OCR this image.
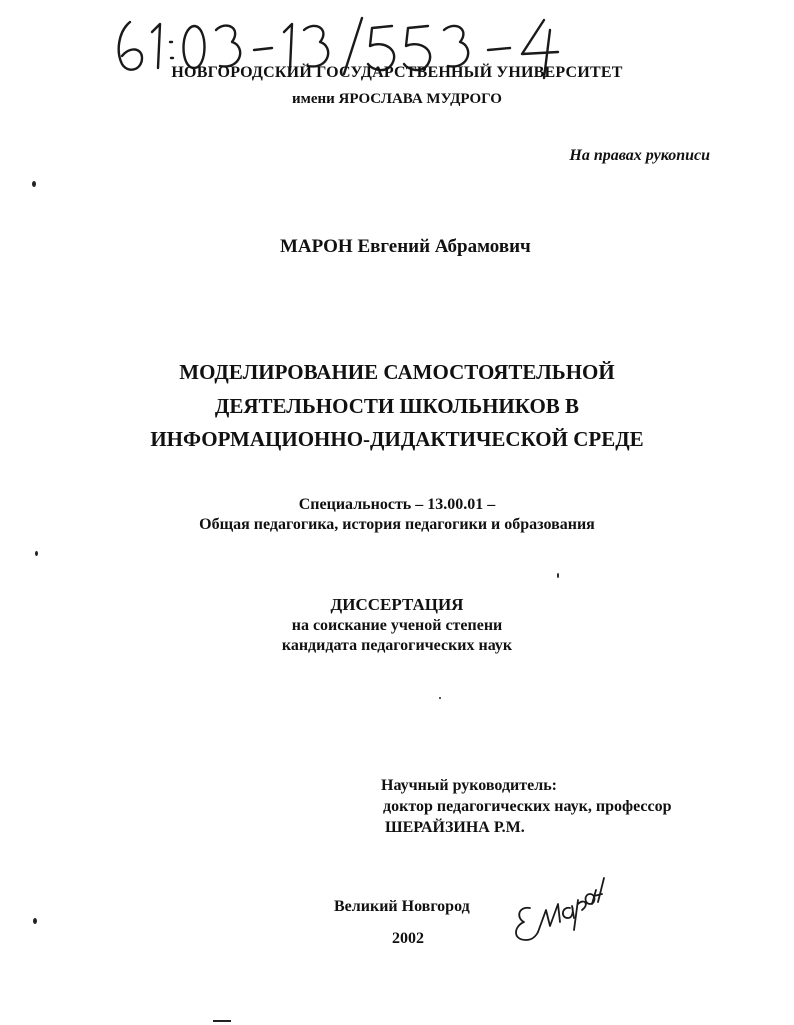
НОВГОРОДСКИЙ ГОСУДАРСТВЕННЫЙ УНИВЕРСИТЕТ
имени ЯРОСЛАВА МУДРОГО
На правах рукописи
МАРОН Евгений Абрамович
МОДЕЛИРОВАНИЕ САМОСТОЯТЕЛЬНОЙ
ДЕЯТЕЛЬНОСТИ ШКОЛЬНИКОВ В
ИНФОРМАЦИОННО-ДИДАКТИЧЕСКОЙ СРЕДЕ
Специальность – 13.00.01 –
Общая педагогика, история педагогики и образования
ДИССЕРТАЦИЯ
на соискание ученой степени
кандидата педагогических наук
Научный руководитель:
доктор педагогических наук, профессор
ШЕРАЙЗИНА Р.М.
Великий Новгород
2002
